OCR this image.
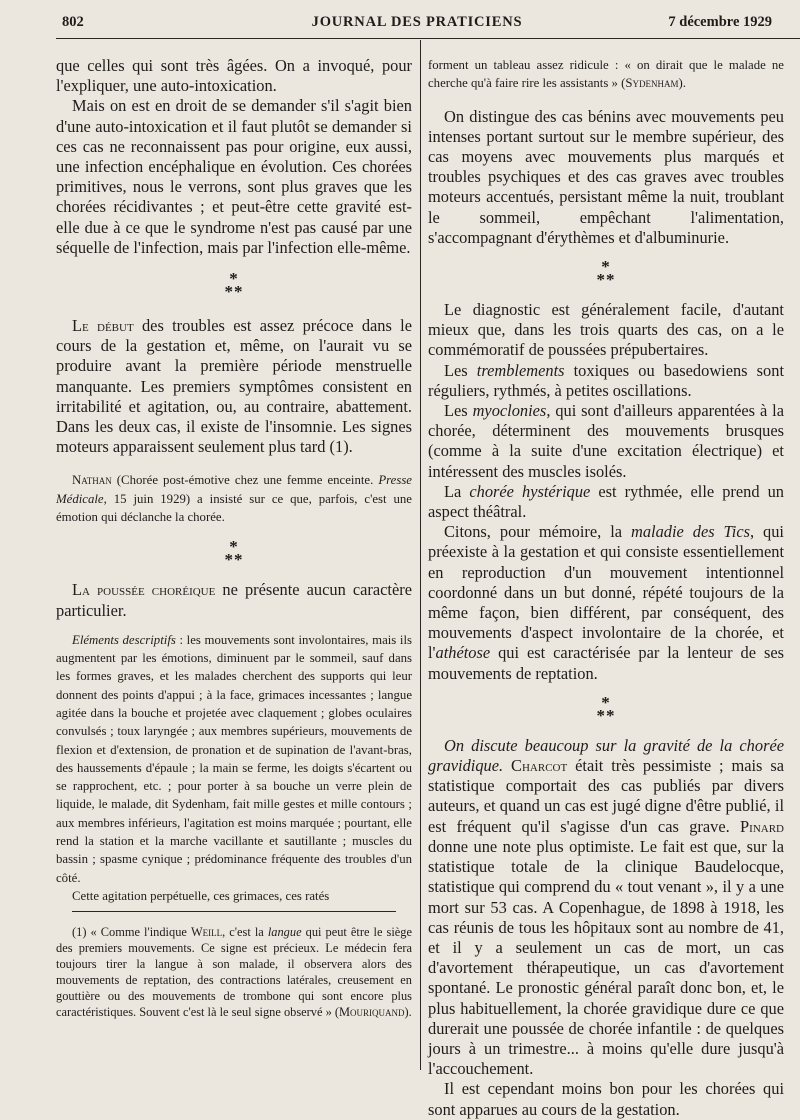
802	JOURNAL DES PRATICIENS	7 décembre 1929

que celles qui sont très âgées. On a invoqué, pour l'expliquer, une auto-intoxication.

Mais on est en droit de se demander s'il s'agit bien d'une auto-intoxication et il faut plutôt se demander si ces cas ne reconnaissent pas pour origine, eux aussi, une infection encéphalique en évolution. Ces chorées primitives, nous le verrons, sont plus graves que les chorées récidivantes ; et peut-être cette gravité est-elle due à ce que le syndrome n'est pas causé par une séquelle de l'infection, mais par l'infection elle-même.

*
**

Le début des troubles est assez précoce dans le cours de la gestation et, même, on l'aurait vu se produire avant la première période menstruelle manquante. Les premiers symptômes consistent en irritabilité et agitation, ou, au contraire, abattement. Dans les deux cas, il existe de l'insomnie. Les signes moteurs apparaissent seulement plus tard (1).

Nathan (Chorée post-émotive chez une femme enceinte. Presse Médicale, 15 juin 1929) a insisté sur ce que, parfois, c'est une émotion qui déclanche la chorée.

*
**

La poussée choréique ne présente aucun caractère particulier.

Eléments descriptifs : les mouvements sont involontaires, mais ils augmentent par les émotions, diminuent par le sommeil, sauf dans les formes graves, et les malades cherchent des supports qui leur donnent des points d'appui ; à la face, grimaces incessantes ; langue agitée dans la bouche et projetée avec claquement ; globes oculaires convulsés ; toux laryngée ; aux membres supérieurs, mouvements de flexion et d'extension, de pronation et de supination de l'avant-bras, des haussements d'épaule ; la main se ferme, les doigts s'écartent ou se rapprochent, etc. ; pour porter à sa bouche un verre plein de liquide, le malade, dit Sydenham, fait mille gestes et mille contours ; aux membres inférieurs, l'agitation est moins marquée ; pourtant, elle rend la station et la marche vacillante et sautillante ; muscles du bassin ; spasme cynique ; prédominance fréquente des troubles d'un côté.

Cette agitation perpétuelle, ces grimaces, ces ratés

(1) « Comme l'indique Weill, c'est la langue qui peut être le siège des premiers mouvements. Ce signe est précieux. Le médecin fera toujours tirer la langue à son malade, il observera alors des mouvements de reptation, des contractions latérales, creusement en gouttière ou des mouvements de trombone qui sont encore plus caractéristiques. Souvent c'est là le seul signe observé » (Mouriquand).

forment un tableau assez ridicule : « on dirait que le malade ne cherche qu'à faire rire les assistants » (Sydenham).

On distingue des cas bénins avec mouvements peu intenses portant surtout sur le membre supérieur, des cas moyens avec mouvements plus marqués et troubles psychiques et des cas graves avec troubles moteurs accentués, persistant même la nuit, troublant le sommeil, empêchant l'alimentation, s'accompagnant d'érythèmes et d'albuminurie.

*
**

Le diagnostic est généralement facile, d'autant mieux que, dans les trois quarts des cas, on a le commémoratif de poussées prépubertaires.

Les tremblements toxiques ou basedowiens sont réguliers, rythmés, à petites oscillations.

Les myoclonies, qui sont d'ailleurs apparentées à la chorée, déterminent des mouvements brusques (comme à la suite d'une excitation électrique) et intéressent des muscles isolés.

La chorée hystérique est rythmée, elle prend un aspect théâtral.

Citons, pour mémoire, la maladie des Tics, qui préexiste à la gestation et qui consiste essentiellement en reproduction d'un mouvement intentionnel coordonné dans un but donné, répété toujours de la même façon, bien différent, par conséquent, des mouvements d'aspect involontaire de la chorée, et l'athétose qui est caractérisée par la lenteur de ses mouvements de reptation.

*
**

On discute beaucoup sur la gravité de la chorée gravidique. Charcot était très pessimiste ; mais sa statistique comportait des cas publiés par divers auteurs, et quand un cas est jugé digne d'être publié, il est fréquent qu'il s'agisse d'un cas grave. Pinard donne une note plus optimiste. Le fait est que, sur la statistique totale de la clinique Baudelocque, statistique qui comprend du « tout venant », il y a une mort sur 53 cas. A Copenhague, de 1898 à 1918, les cas réunis de tous les hôpitaux sont au nombre de 41, et il y a seulement un cas de mort, un cas d'avortement thérapeutique, un cas d'avortement spontané. Le pronostic général paraît donc bon, et, le plus habituellement, la chorée gravidique dure ce que durerait une poussée de chorée infantile : de quelques jours à un trimestre... à moins qu'elle dure jusqu'à l'accouchement.

Il est cependant moins bon pour les chorées qui sont apparues au cours de la gestation.
